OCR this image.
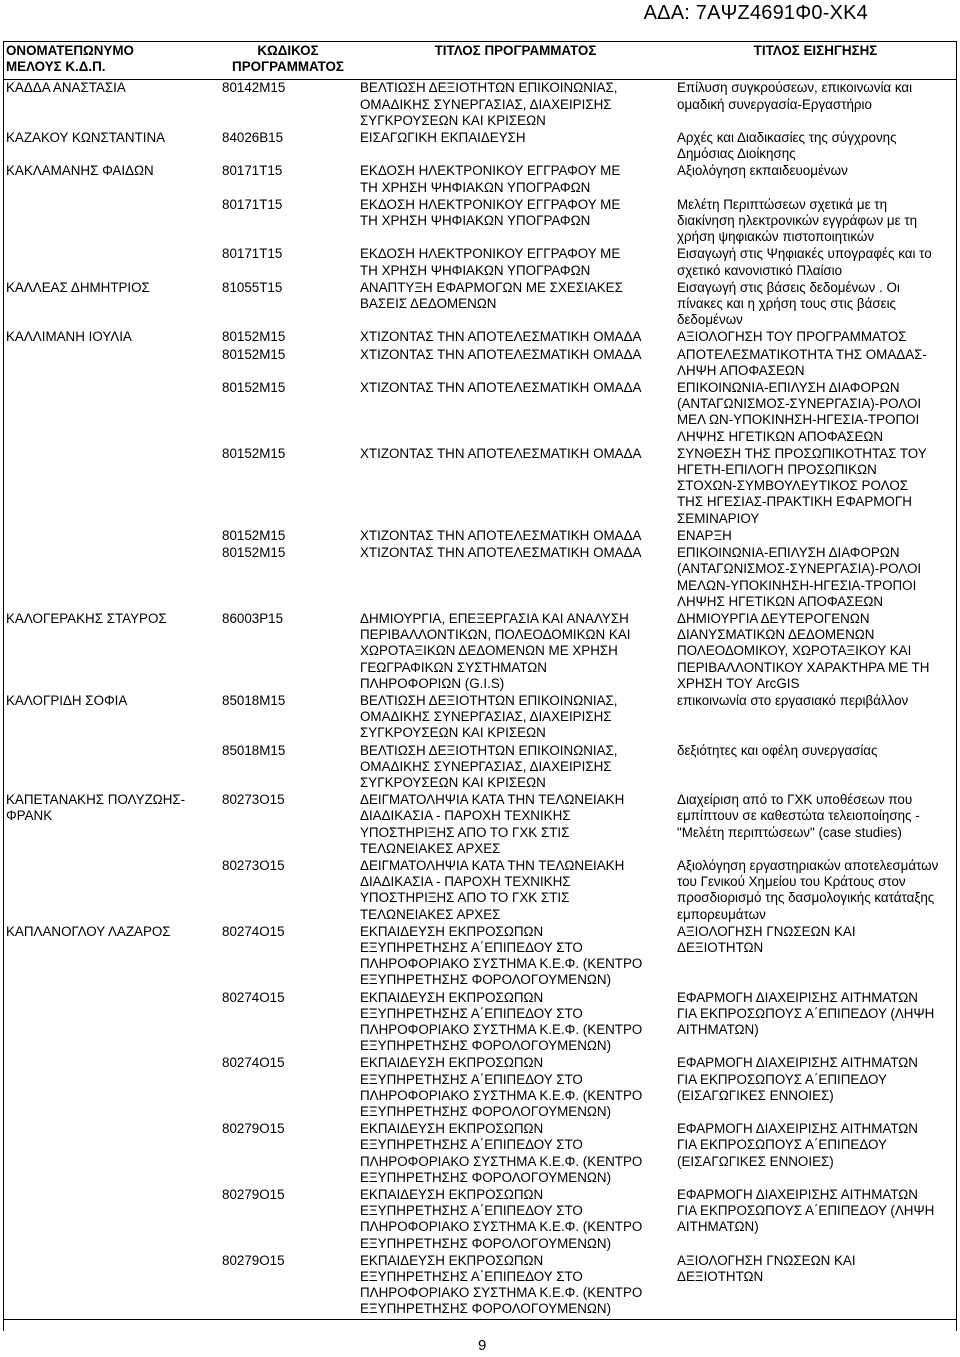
ΑΔΑ: 7ΑΨΖ4691Φ0-ΧΚ4
ΟΝΟΜΑΤΕΠΩΝΥΜΟ
ΜΕΛΟΥΣ Κ.Δ.Π.	ΚΩΔΙΚΟΣ
ΠΡΟΓΡΑΜΜΑΤΟΣ	ΤΙΤΛΟΣ ΠΡΟΓΡΑΜΜΑΤΟΣ	ΤΙΤΛΟΣ ΕΙΣΗΓΗΣΗΣ
ΚΑΔΔΑ ΑΝΑΣΤΑΣΙΑ	80142Μ15	ΒΕΛΤΙΩΣΗ ΔΕΞΙΟΤΗΤΩΝ ΕΠΙΚΟΙΝΩΝΙΑΣ,
ΟΜΑΔΙΚΗΣ ΣΥΝΕΡΓΑΣΙΑΣ, ΔΙΑΧΕΙΡΙΣΗΣ
ΣΥΓΚΡΟΥΣΕΩΝ ΚΑΙ ΚΡΙΣΕΩΝ	Επίλυση συγκρούσεων, επικοινωνία και
ομαδική συνεργασία-Εργαστήριο
ΚΑΖΑΚΟΥ ΚΩΝΣΤΑΝΤΙΝΑ	84026Β15	ΕΙΣΑΓΩΓΙΚΗ ΕΚΠΑΙΔΕΥΣΗ	Αρχές και Διαδικασίες της σύγχρονης
Δημόσιας Διοίκησης
ΚΑΚΛΑΜΑΝΗΣ ΦΑΙΔΩΝ	80171Τ15	ΕΚΔΟΣΗ ΗΛΕΚΤΡΟΝΙΚΟΥ ΕΓΓΡΑΦΟΥ ΜΕ
ΤΗ ΧΡΗΣΗ ΨΗΦΙΑΚΩΝ ΥΠΟΓΡΑΦΩΝ	Αξιολόγηση εκπαιδευομένων
	80171Τ15	ΕΚΔΟΣΗ ΗΛΕΚΤΡΟΝΙΚΟΥ ΕΓΓΡΑΦΟΥ ΜΕ
ΤΗ ΧΡΗΣΗ ΨΗΦΙΑΚΩΝ ΥΠΟΓΡΑΦΩΝ	Μελέτη Περιπτώσεων σχετικά με τη
διακίνηση ηλεκτρονικών εγγράφων με τη
χρήση ψηφιακών πιστοποιητικών
	80171Τ15	ΕΚΔΟΣΗ ΗΛΕΚΤΡΟΝΙΚΟΥ ΕΓΓΡΑΦΟΥ ΜΕ
ΤΗ ΧΡΗΣΗ ΨΗΦΙΑΚΩΝ ΥΠΟΓΡΑΦΩΝ	Εισαγωγή στις Ψηφιακές υπογραφές και το
σχετικό κανονιστικό Πλαίσιο
ΚΑΛΛΕΑΣ ΔΗΜΗΤΡΙΟΣ	81055Τ15	ΑΝΑΠΤΥΞΗ ΕΦΑΡΜΟΓΩΝ ΜΕ ΣΧΕΣΙΑΚΕΣ
ΒΑΣΕΙΣ ΔΕΔΟΜΕΝΩΝ	Εισαγωγή στις βάσεις δεδομένων . Οι
πίνακες και η χρήση τους στις βάσεις
δεδομένων
ΚΑΛΛΙΜΑΝΗ ΙΟΥΛΙΑ	80152Μ15	ΧΤΙΖΟΝΤΑΣ ΤΗΝ ΑΠΟΤΕΛΕΣΜΑΤΙΚΗ ΟΜΑΔΑ	ΑΞΙΟΛΟΓΗΣΗ ΤΟΥ ΠΡΟΓΡΑΜΜΑΤΟΣ
	80152Μ15	ΧΤΙΖΟΝΤΑΣ ΤΗΝ ΑΠΟΤΕΛΕΣΜΑΤΙΚΗ ΟΜΑΔΑ	ΑΠΟΤΕΛΕΣΜΑΤΙΚΟΤΗΤΑ ΤΗΣ ΟΜΑΔΑΣ-
ΛΗΨΗ ΑΠΟΦΑΣΕΩΝ
	80152Μ15	ΧΤΙΖΟΝΤΑΣ ΤΗΝ ΑΠΟΤΕΛΕΣΜΑΤΙΚΗ ΟΜΑΔΑ	ΕΠΙΚΟΙΝΩΝΙΑ-ΕΠΙΛΥΣΗ ΔΙΑΦΟΡΩΝ
(ΑΝΤΑΓΩΝΙΣΜΟΣ-ΣΥΝΕΡΓΑΣΙΑ)-ΡΟΛΟΙ
ΜΕΛ ΩΝ-ΥΠΟΚΙΝΗΣΗ-ΗΓΕΣΙΑ-ΤΡΟΠΟΙ
ΛΗΨΗΣ ΗΓΕΤΙΚΩΝ ΑΠΟΦΑΣΕΩΝ
	80152Μ15	ΧΤΙΖΟΝΤΑΣ ΤΗΝ ΑΠΟΤΕΛΕΣΜΑΤΙΚΗ ΟΜΑΔΑ	ΣΥΝΘΕΣΗ ΤΗΣ ΠΡΟΣΩΠΙΚΟΤΗΤΑΣ ΤΟΥ
ΗΓΕΤΗ-ΕΠΙΛΟΓΗ ΠΡΟΣΩΠΙΚΩΝ
ΣΤΟΧΩΝ-ΣΥΜΒΟΥΛΕΥΤΙΚΟΣ ΡΟΛΟΣ
ΤΗΣ ΗΓΕΣΙΑΣ-ΠΡΑΚΤΙΚΗ ΕΦΑΡΜΟΓΗ
ΣΕΜΙΝΑΡΙΟΥ
	80152Μ15	ΧΤΙΖΟΝΤΑΣ ΤΗΝ ΑΠΟΤΕΛΕΣΜΑΤΙΚΗ ΟΜΑΔΑ	ΕΝΑΡΞΗ
	80152Μ15	ΧΤΙΖΟΝΤΑΣ ΤΗΝ ΑΠΟΤΕΛΕΣΜΑΤΙΚΗ ΟΜΑΔΑ	ΕΠΙΚΟΙΝΩΝΙΑ-ΕΠΙΛΥΣΗ ΔΙΑΦΟΡΩΝ
(ΑΝΤΑΓΩΝΙΣΜΟΣ-ΣΥΝΕΡΓΑΣΙΑ)-ΡΟΛΟΙ
ΜΕΛΩΝ-ΥΠΟΚΙΝΗΣΗ-ΗΓΕΣΙΑ-ΤΡΟΠΟΙ
ΛΗΨΗΣ ΗΓΕΤΙΚΩΝ ΑΠΟΦΑΣΕΩΝ
ΚΑΛΟΓΕΡΑΚΗΣ ΣΤΑΥΡΟΣ	86003Ρ15	ΔΗΜΙΟΥΡΓΙΑ, ΕΠΕΞΕΡΓΑΣΙΑ ΚΑΙ ΑΝΑΛΥΣΗ
ΠΕΡΙΒΑΛΛΟΝΤΙΚΩΝ, ΠΟΛΕΟΔΟΜΙΚΩΝ ΚΑΙ
ΧΩΡΟΤΑΞΙΚΩΝ ΔΕΔΟΜΕΝΩΝ ΜΕ ΧΡΗΣΗ
ΓΕΩΓΡΑΦΙΚΩΝ ΣΥΣΤΗΜΑΤΩΝ
ΠΛΗΡΟΦΟΡΙΩΝ (G.I.S)	ΔΗΜΙΟΥΡΓΙΑ ΔΕΥΤΕΡΟΓΕΝΩΝ
ΔΙΑΝΥΣΜΑΤΙΚΩΝ ΔΕΔΟΜΕΝΩΝ
ΠΟΛΕΟΔΟΜΙΚΟΥ, ΧΩΡΟΤΑΞΙΚΟΥ ΚΑΙ
ΠΕΡΙΒΑΛΛΟΝΤΙΚΟΥ ΧΑΡΑΚΤΗΡΑ ΜΕ ΤΗ
ΧΡΗΣΗ ΤΟΥ ArcGIS
ΚΑΛΟΓΡΙΔΗ ΣΟΦΙΑ	85018Μ15	ΒΕΛΤΙΩΣΗ ΔΕΞΙΟΤΗΤΩΝ ΕΠΙΚΟΙΝΩΝΙΑΣ,
ΟΜΑΔΙΚΗΣ ΣΥΝΕΡΓΑΣΙΑΣ, ΔΙΑΧΕΙΡΙΣΗΣ
ΣΥΓΚΡΟΥΣΕΩΝ ΚΑΙ ΚΡΙΣΕΩΝ	επικοινωνία στο εργασιακό περιβάλλον
	85018Μ15	ΒΕΛΤΙΩΣΗ ΔΕΞΙΟΤΗΤΩΝ ΕΠΙΚΟΙΝΩΝΙΑΣ,
ΟΜΑΔΙΚΗΣ ΣΥΝΕΡΓΑΣΙΑΣ, ΔΙΑΧΕΙΡΙΣΗΣ
ΣΥΓΚΡΟΥΣΕΩΝ ΚΑΙ ΚΡΙΣΕΩΝ	δεξιότητες και οφέλη συνεργασίας
ΚΑΠΕΤΑΝΑΚΗΣ ΠΟΛΥΖΩΗΣ-
ΦΡΑΝΚ	80273Ο15	ΔΕΙΓΜΑΤΟΛΗΨΙΑ ΚΑΤΑ ΤΗΝ ΤΕΛΩΝΕΙΑΚΗ
ΔΙΑΔΙΚΑΣΙΑ - ΠΑΡΟΧΗ ΤΕΧΝΙΚΗΣ
ΥΠΟΣΤΗΡΙΞΗΣ ΑΠΟ ΤΟ ΓΧΚ ΣΤΙΣ
ΤΕΛΩΝΕΙΑΚΕΣ ΑΡΧΕΣ	Διαχείριση από το ΓΧΚ υποθέσεων που
εμπίπτουν σε καθεστώτα τελειοποίησης -
"Μελέτη περιπτώσεων" (case studies)
	80273Ο15	ΔΕΙΓΜΑΤΟΛΗΨΙΑ ΚΑΤΑ ΤΗΝ ΤΕΛΩΝΕΙΑΚΗ
ΔΙΑΔΙΚΑΣΙΑ - ΠΑΡΟΧΗ ΤΕΧΝΙΚΗΣ
ΥΠΟΣΤΗΡΙΞΗΣ ΑΠΟ ΤΟ ΓΧΚ ΣΤΙΣ
ΤΕΛΩΝΕΙΑΚΕΣ ΑΡΧΕΣ	Αξιολόγηση εργαστηριακών αποτελεσμάτων
του Γενικού Χημείου του Κράτους στον
προσδιορισμό της δασμολογικής κατάταξης
εμπορευμάτων
ΚΑΠΛΑΝΟΓΛΟΥ ΛΑΖΑΡΟΣ	80274Ο15	ΕΚΠΑΙΔΕΥΣΗ ΕΚΠΡΟΣΩΠΩΝ
ΕΞΥΠΗΡΕΤΗΣΗΣ Α΄ΕΠΙΠΕΔΟΥ ΣΤΟ
ΠΛΗΡΟΦΟΡΙΑΚΟ ΣΥΣΤΗΜΑ Κ.Ε.Φ. (ΚΕΝΤΡΟ
ΕΞΥΠΗΡΕΤΗΣΗΣ ΦΟΡΟΛΟΓΟΥΜΕΝΩΝ)	ΑΞΙΟΛΟΓΗΣΗ ΓΝΩΣΕΩΝ ΚΑΙ
ΔΕΞΙΟΤΗΤΩΝ
	80274Ο15	ΕΚΠΑΙΔΕΥΣΗ ΕΚΠΡΟΣΩΠΩΝ
ΕΞΥΠΗΡΕΤΗΣΗΣ Α΄ΕΠΙΠΕΔΟΥ ΣΤΟ
ΠΛΗΡΟΦΟΡΙΑΚΟ ΣΥΣΤΗΜΑ Κ.Ε.Φ. (ΚΕΝΤΡΟ
ΕΞΥΠΗΡΕΤΗΣΗΣ ΦΟΡΟΛΟΓΟΥΜΕΝΩΝ)	ΕΦΑΡΜΟΓΗ ΔΙΑΧΕΙΡΙΣΗΣ ΑΙΤΗΜΑΤΩΝ
ΓΙΑ ΕΚΠΡΟΣΩΠΟΥΣ Α΄ΕΠΙΠΕΔΟΥ (ΛΗΨΗ
ΑΙΤΗΜΑΤΩΝ)
	80274Ο15	ΕΚΠΑΙΔΕΥΣΗ ΕΚΠΡΟΣΩΠΩΝ
ΕΞΥΠΗΡΕΤΗΣΗΣ Α΄ΕΠΙΠΕΔΟΥ ΣΤΟ
ΠΛΗΡΟΦΟΡΙΑΚΟ ΣΥΣΤΗΜΑ Κ.Ε.Φ. (ΚΕΝΤΡΟ
ΕΞΥΠΗΡΕΤΗΣΗΣ ΦΟΡΟΛΟΓΟΥΜΕΝΩΝ)	ΕΦΑΡΜΟΓΗ ΔΙΑΧΕΙΡΙΣΗΣ ΑΙΤΗΜΑΤΩΝ
ΓΙΑ ΕΚΠΡΟΣΩΠΟΥΣ Α΄ΕΠΙΠΕΔΟΥ
(ΕΙΣΑΓΩΓΙΚΕΣ ΕΝΝΟΙΕΣ)
	80279Ο15	ΕΚΠΑΙΔΕΥΣΗ ΕΚΠΡΟΣΩΠΩΝ
ΕΞΥΠΗΡΕΤΗΣΗΣ Α΄ΕΠΙΠΕΔΟΥ ΣΤΟ
ΠΛΗΡΟΦΟΡΙΑΚΟ ΣΥΣΤΗΜΑ Κ.Ε.Φ. (ΚΕΝΤΡΟ
ΕΞΥΠΗΡΕΤΗΣΗΣ ΦΟΡΟΛΟΓΟΥΜΕΝΩΝ)	ΕΦΑΡΜΟΓΗ ΔΙΑΧΕΙΡΙΣΗΣ ΑΙΤΗΜΑΤΩΝ
ΓΙΑ ΕΚΠΡΟΣΩΠΟΥΣ Α΄ΕΠΙΠΕΔΟΥ
(ΕΙΣΑΓΩΓΙΚΕΣ ΕΝΝΟΙΕΣ)
	80279Ο15	ΕΚΠΑΙΔΕΥΣΗ ΕΚΠΡΟΣΩΠΩΝ
ΕΞΥΠΗΡΕΤΗΣΗΣ Α΄ΕΠΙΠΕΔΟΥ ΣΤΟ
ΠΛΗΡΟΦΟΡΙΑΚΟ ΣΥΣΤΗΜΑ Κ.Ε.Φ. (ΚΕΝΤΡΟ
ΕΞΥΠΗΡΕΤΗΣΗΣ ΦΟΡΟΛΟΓΟΥΜΕΝΩΝ)	ΕΦΑΡΜΟΓΗ ΔΙΑΧΕΙΡΙΣΗΣ ΑΙΤΗΜΑΤΩΝ
ΓΙΑ ΕΚΠΡΟΣΩΠΟΥΣ Α΄ΕΠΙΠΕΔΟΥ (ΛΗΨΗ
ΑΙΤΗΜΑΤΩΝ)
	80279Ο15	ΕΚΠΑΙΔΕΥΣΗ ΕΚΠΡΟΣΩΠΩΝ
ΕΞΥΠΗΡΕΤΗΣΗΣ Α΄ΕΠΙΠΕΔΟΥ ΣΤΟ
ΠΛΗΡΟΦΟΡΙΑΚΟ ΣΥΣΤΗΜΑ Κ.Ε.Φ. (ΚΕΝΤΡΟ
ΕΞΥΠΗΡΕΤΗΣΗΣ ΦΟΡΟΛΟΓΟΥΜΕΝΩΝ)	ΑΞΙΟΛΟΓΗΣΗ ΓΝΩΣΕΩΝ ΚΑΙ
ΔΕΞΙΟΤΗΤΩΝ
9
